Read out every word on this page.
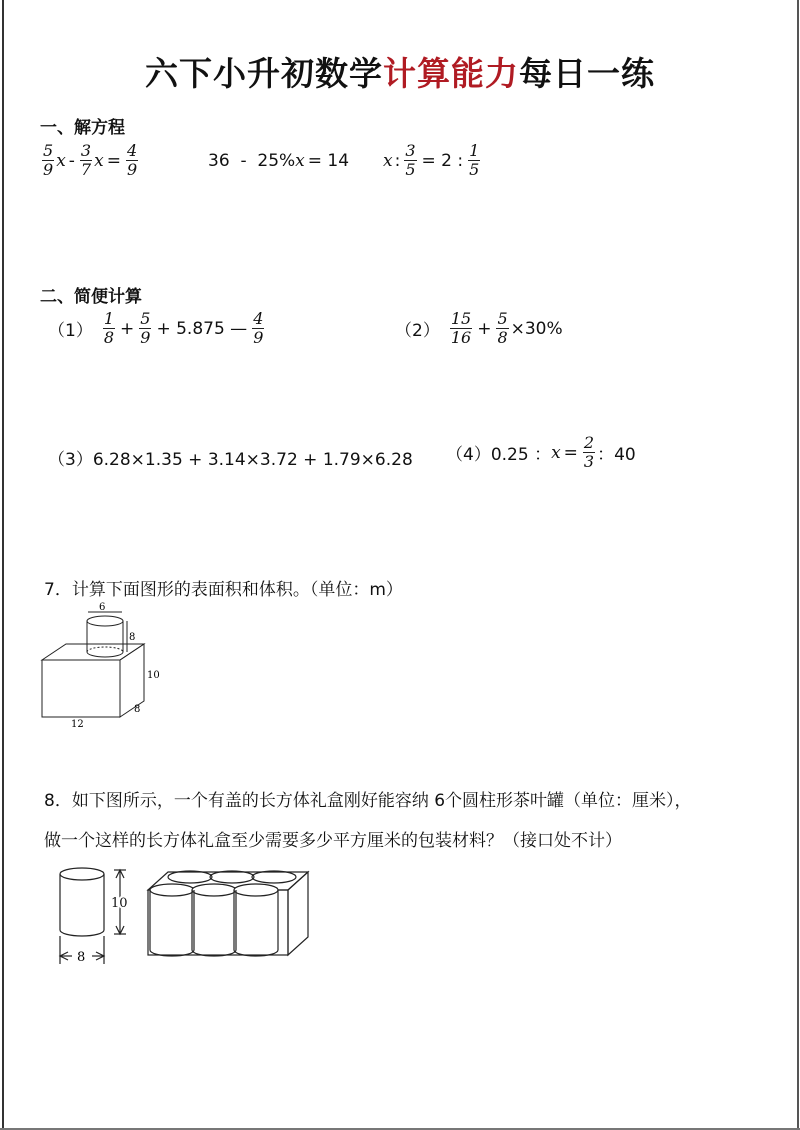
六下小升初数学计算能力每日一练
一、解方程
$\frac{5}{9}$ x - $\frac{3}{7}$ $x = \frac{4}{9}$	36  -  25% x = 14 x : $\frac{3}{5} = 2$ : $\frac{1}{5}$
二、简便计算
$(1) \frac{1}{8} + \frac{5}{9} + 5.875$ — $\frac{4}{9}$	$(2) \frac{15}{16} + \frac{5}{8} \times 30\%$
（3）6.28×1.35 + 3.14×3.72 + 1.79×6.28 （4）0.25 ： $x = \frac{2}{3}$ ：40
7．计算下面图形的表面积和体积。（单位：m）
6
8
10
8
12
8．如下图所示，一个有盖的长方体礼盒刚好能容纳 6个圆柱形茶叶罐（单位：厘米），
做一个这样的长方体礼盒至少需要多少平方厘米的包装材料？（接口处不计）
10
8
